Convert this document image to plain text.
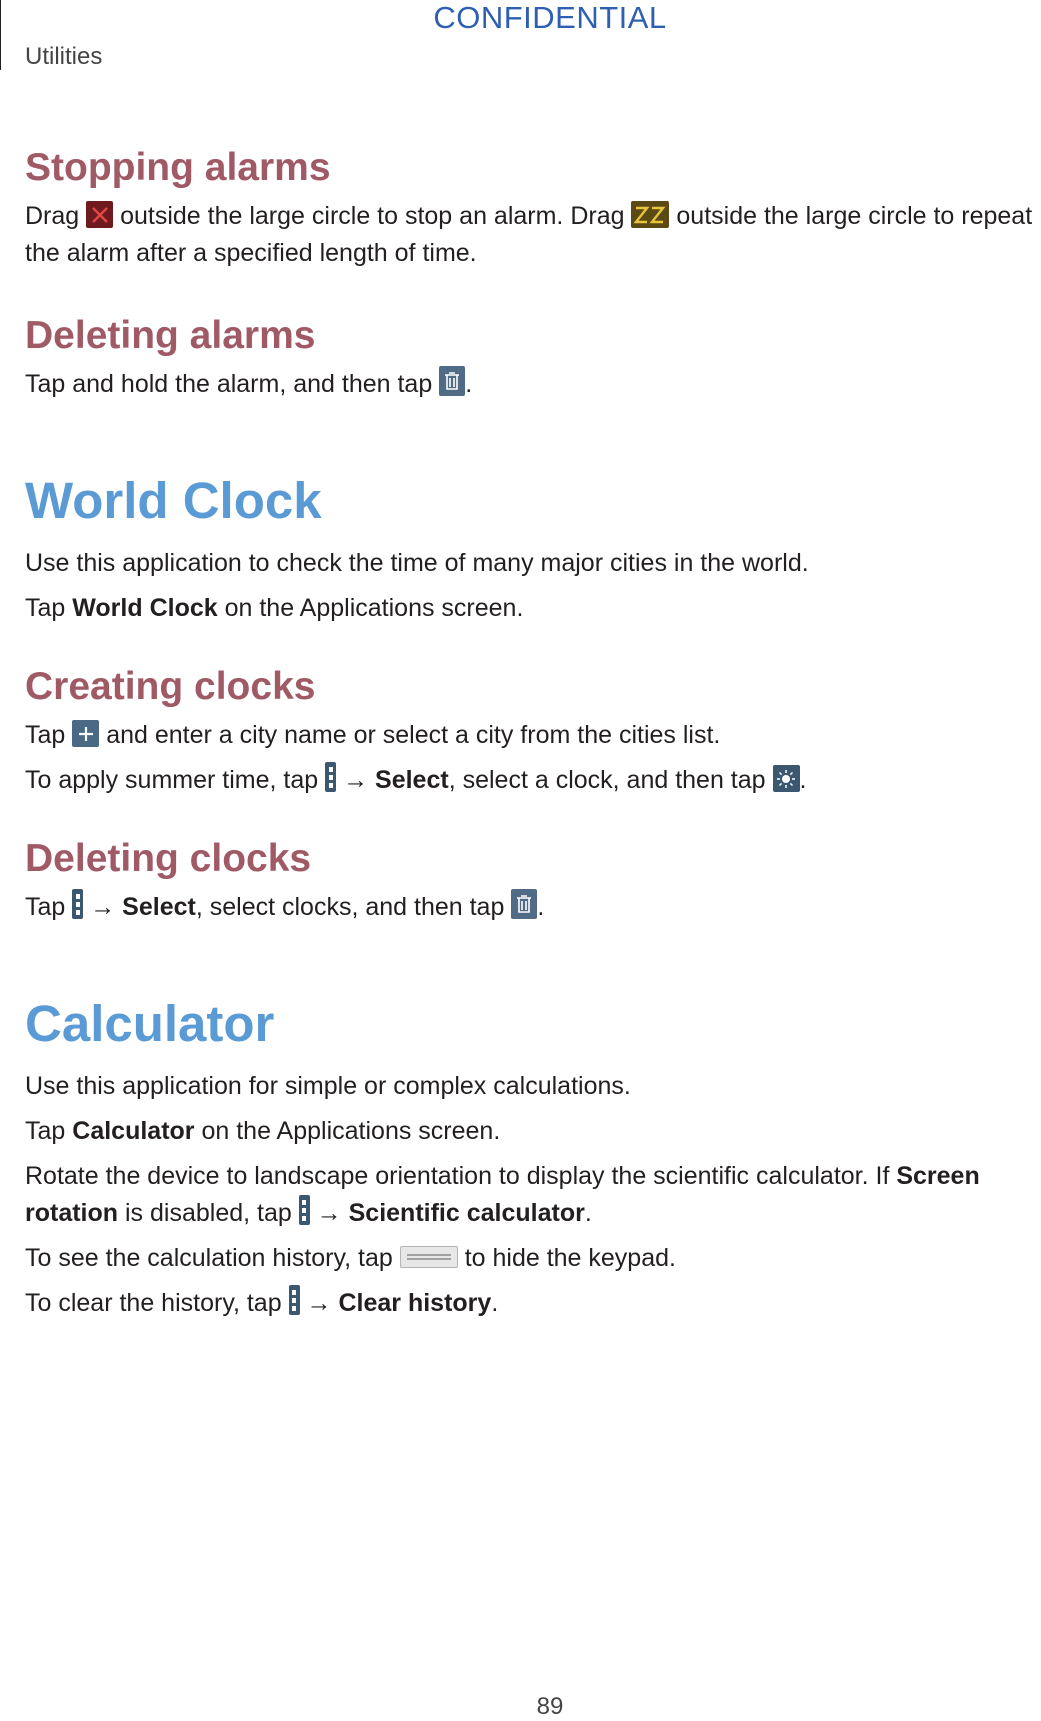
CONFIDENTIAL
Utilities
Stopping alarms

Drag
outside the large circle to stop an alarm. Drag
outside the large circle to repeat the alarm after a specified length of time.

Deleting alarms

Tap and hold the alarm, and then tap
.

World Clock

Use this application to check the time of many major cities in the world.

Tap World Clock on the Applications screen.

Creating clocks

Tap
and enter a city name or select a city from the cities list.

To apply summer time, tap
→ Select, select a clock, and then tap
.

Deleting clocks

Tap
→ Select, select clocks, and then tap
.

Calculator

Use this application for simple or complex calculations.

Tap Calculator on the Applications screen.

Rotate the device to landscape orientation to display the scientific calculator. If Screen rotation is disabled, tap
→ Scientific calculator.

To see the calculation history, tap
to hide the keypad.

To clear the history, tap
→ Clear history.

89
